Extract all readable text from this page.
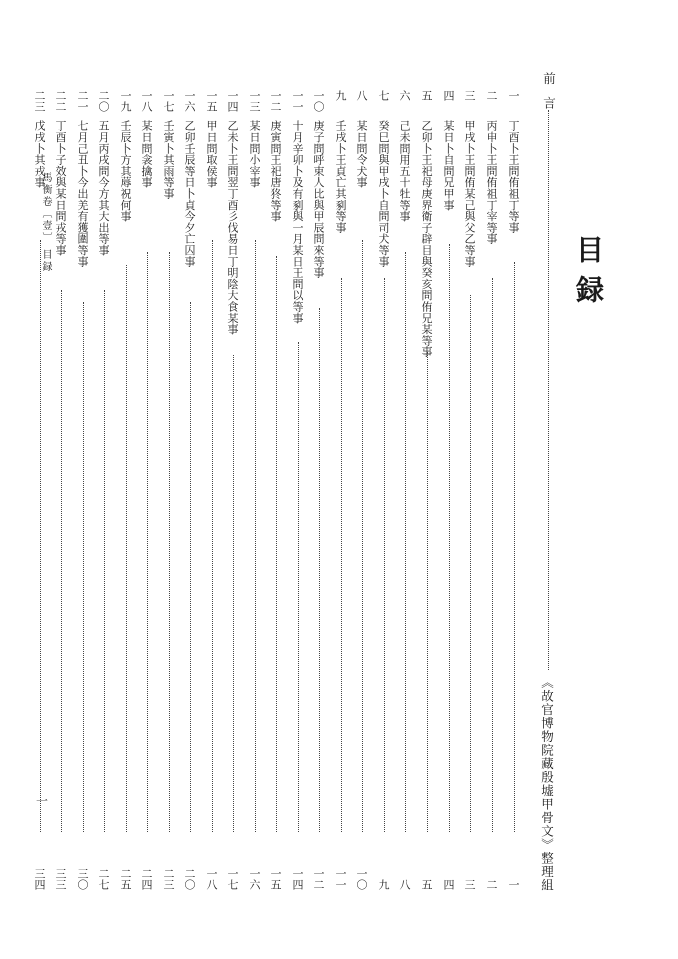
目録
《故官博物院藏殷墟甲骨文》整理組
前言
一
丁酉卜王問侑祖丁等事
一
二
丙申卜王問侑祖丁宰等事
二
三
甲戌卜王問侑某己與父乙等事
三
四
某日卜自問兄甲事
四
五
乙卯卜王祀母庚界衛子辟目與癸亥問侑兄某等事
五
六
己未問用五十牡等事
八
七
癸巳問與甲戌卜自問司犬等事
九
八
某日問令犬事
一〇
九
壬戌卜王貞亡其剢等事
一一
一〇
庚子問呼束人比與甲辰問來等事
一二
一一
十月辛卯卜及有剢與一月某日王問以等事
一四
一二
庚寅問王祀唐㹣等事
一五
一三
某日問小宰事
一六
一四
乙未卜王問翌丁酉彡伐易日丁明陰大食某事
一七
一五
甲日問取侯事
一八
一六
乙卯壬辰等日卜貞今夕亡囚事
二〇
一七
壬寅卜其雨等事
二三
一八
某日問衾擒事
二四
一九
壬辰卜方其蓐祝何事
二五
二〇
五月丙戌問今方其大出等事
二七
二一
七月己丑卜今出羌有獲圍等事
三〇
二二
丁酉卜子效與某日問戎等事
三三
二三
戊戌卜其戎事
三四
馬衡卷〔壹〕 目録
一
